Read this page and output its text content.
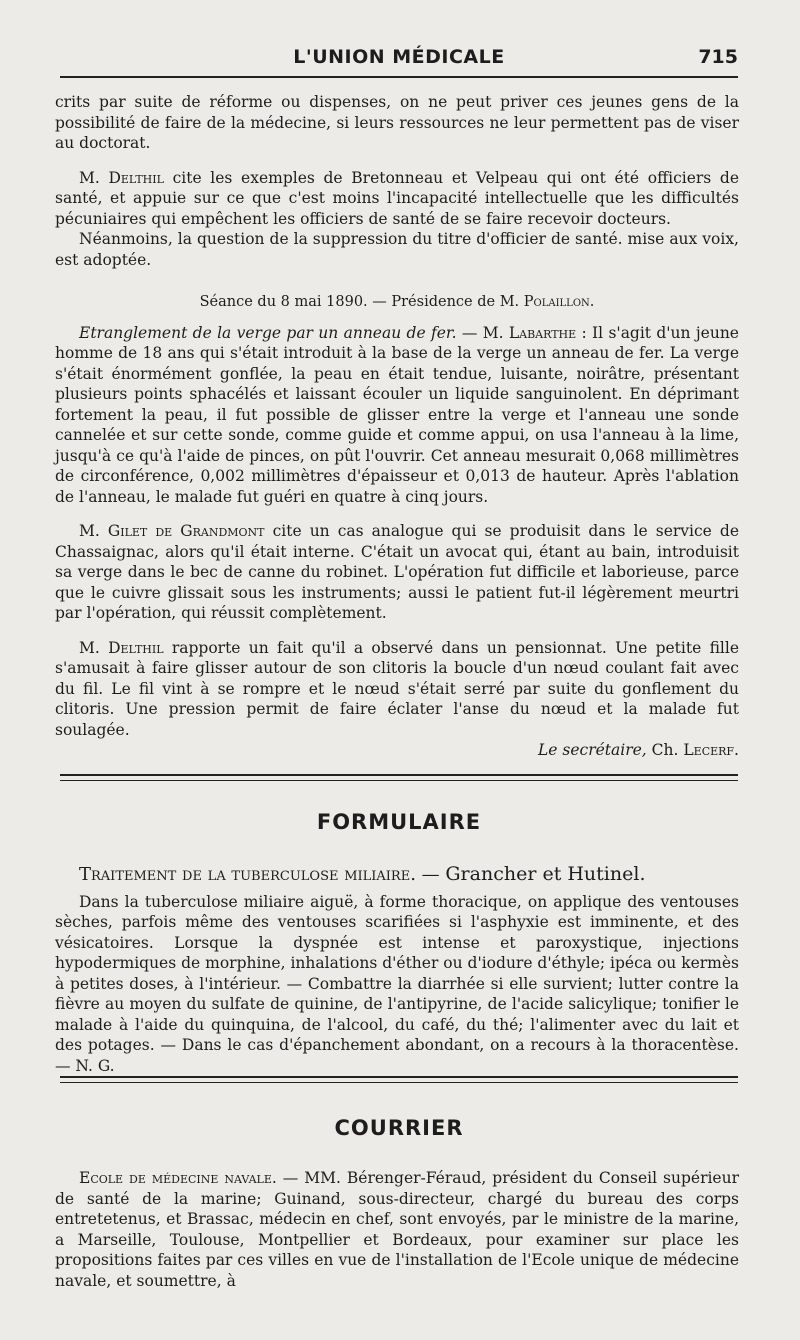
L'UNION MÉDICALE	715

crits par suite de réforme ou dispenses, on ne peut priver ces jeunes gens de la possibilité de faire de la médecine, si leurs ressources ne leur permettent pas de viser au doctorat.

M. Delthil cite les exemples de Bretonneau et Velpeau qui ont été officiers de santé, et appuie sur ce que c'est moins l'incapacité intellectuelle que les difficultés pécuniaires qui empêchent les officiers de santé de se faire recevoir docteurs.

Néanmoins, la question de la suppression du titre d'officier de santé. mise aux voix, est adoptée.

Séance du 8 mai 1890. — Présidence de M. Polaillon.

Etranglement de la verge par un anneau de fer. — M. Labarthe : Il s'agit d'un jeune homme de 18 ans qui s'était introduit à la base de la verge un anneau de fer. La verge s'était énormément gonflée, la peau en était tendue, luisante, noirâtre, présentant plusieurs points sphacélés et laissant écouler un liquide sanguinolent. En déprimant fortement la peau, il fut possible de glisser entre la verge et l'anneau une sonde cannelée et sur cette sonde, comme guide et comme appui, on usa l'anneau à la lime, jusqu'à ce qu'à l'aide de pinces, on pût l'ouvrir. Cet anneau mesurait 0,068 millimètres de circonférence, 0,002 millimètres d'épaisseur et 0,013 de hauteur. Après l'ablation de l'anneau, le malade fut guéri en quatre à cinq jours.

M. Gilet de Grandmont cite un cas analogue qui se produisit dans le service de Chassaignac, alors qu'il était interne. C'était un avocat qui, étant au bain, introduisit sa verge dans le bec de canne du robinet. L'opération fut difficile et laborieuse, parce que le cuivre glissait sous les instruments; aussi le patient fut-il légèrement meurtri par l'opération, qui réussit complètement.

M. Delthil rapporte un fait qu'il a observé dans un pensionnat. Une petite fille s'amusait à faire glisser autour de son clitoris la boucle d'un nœud coulant fait avec du fil. Le fil vint à se rompre et le nœud s'était serré par suite du gonflement du clitoris. Une pression permit de faire éclater l'anse du nœud et la malade fut soulagée.

Le secrétaire, Ch. Lecerf.

FORMULAIRE

Traitement de la tuberculose miliaire. — Grancher et Hutinel.

Dans la tuberculose miliaire aiguë, à forme thoracique, on applique des ventouses sèches, parfois même des ventouses scarifiées si l'asphyxie est imminente, et des vésicatoires. Lorsque la dyspnée est intense et paroxystique, injections hypodermiques de morphine, inhalations d'éther ou d'iodure d'éthyle; ipéca ou kermès à petites doses, à l'intérieur. — Combattre la diarrhée si elle survient; lutter contre la fièvre au moyen du sulfate de quinine, de l'antipyrine, de l'acide salicylique; tonifier le malade à l'aide du quinquina, de l'alcool, du café, du thé; l'alimenter avec du lait et des potages. — Dans le cas d'épanchement abondant, on a recours à la thoracentèse. — N. G.

COURRIER

Ecole de médecine navale. — MM. Bérenger-Féraud, président du Conseil supérieur de santé de la marine; Guinand, sous-directeur, chargé du bureau des corps entretetenus, et Brassac, médecin en chef, sont envoyés, par le ministre de la marine, a Marseille, Toulouse, Montpellier et Bordeaux, pour examiner sur place les propositions faites par ces villes en vue de l'installation de l'Ecole unique de médecine navale, et soumettre, à
